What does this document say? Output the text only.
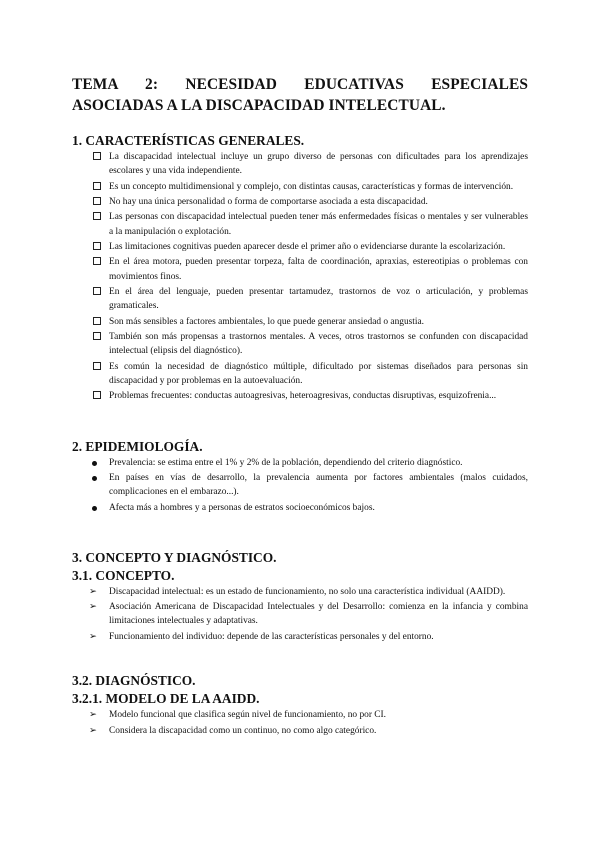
TEMA 2: NECESIDAD EDUCATIVAS ESPECIALES
ASOCIADAS A LA DISCAPACIDAD INTELECTUAL.
1. CARACTERÍSTICAS GENERALES.
La discapacidad intelectual incluye un grupo diverso de personas con dificultades para los aprendizajes escolares y una vida independiente.
Es un concepto multidimensional y complejo, con distintas causas, características y formas de intervención.
No hay una única personalidad o forma de comportarse asociada a esta discapacidad.
Las personas con discapacidad intelectual pueden tener más enfermedades físicas o mentales y ser vulnerables a la manipulación o explotación.
Las limitaciones cognitivas pueden aparecer desde el primer año o evidenciarse durante la escolarización.
En el área motora, pueden presentar torpeza, falta de coordinación, apraxias, estereotipias o problemas con movimientos finos.
En el área del lenguaje, pueden presentar tartamudez, trastornos de voz o articulación, y problemas gramaticales.
Son más sensibles a factores ambientales, lo que puede generar ansiedad o angustia.
También son más propensas a trastornos mentales. A veces, otros trastornos se confunden con discapacidad intelectual (elipsis del diagnóstico).
Es común la necesidad de diagnóstico múltiple, dificultado por sistemas diseñados para personas sin discapacidad y por problemas en la autoevaluación.
Problemas frecuentes: conductas autoagresivas, heteroagresivas, conductas disruptivas, esquizofrenia...
2. EPIDEMIOLOGÍA.
Prevalencia: se estima entre el 1% y 2% de la población, dependiendo del criterio diagnóstico.
En países en vías de desarrollo, la prevalencia aumenta por factores ambientales (malos cuidados, complicaciones en el embarazo...).
Afecta más a hombres y a personas de estratos socioeconómicos bajos.
3. CONCEPTO Y DIAGNÓSTICO.
3.1. CONCEPTO.
➢ Discapacidad intelectual: es un estado de funcionamiento, no solo una característica individual (AAIDD).
➢ Asociación Americana de Discapacidad Intelectuales y del Desarrollo: comienza en la infancia y combina limitaciones intelectuales y adaptativas.
➢ Funcionamiento del individuo: depende de las características personales y del entorno.
3.2. DIAGNÓSTICO.
3.2.1. MODELO DE LA AAIDD.
➢ Modelo funcional que clasifica según nivel de funcionamiento, no por CI.
➢ Considera la discapacidad como un continuo, no como algo categórico.
